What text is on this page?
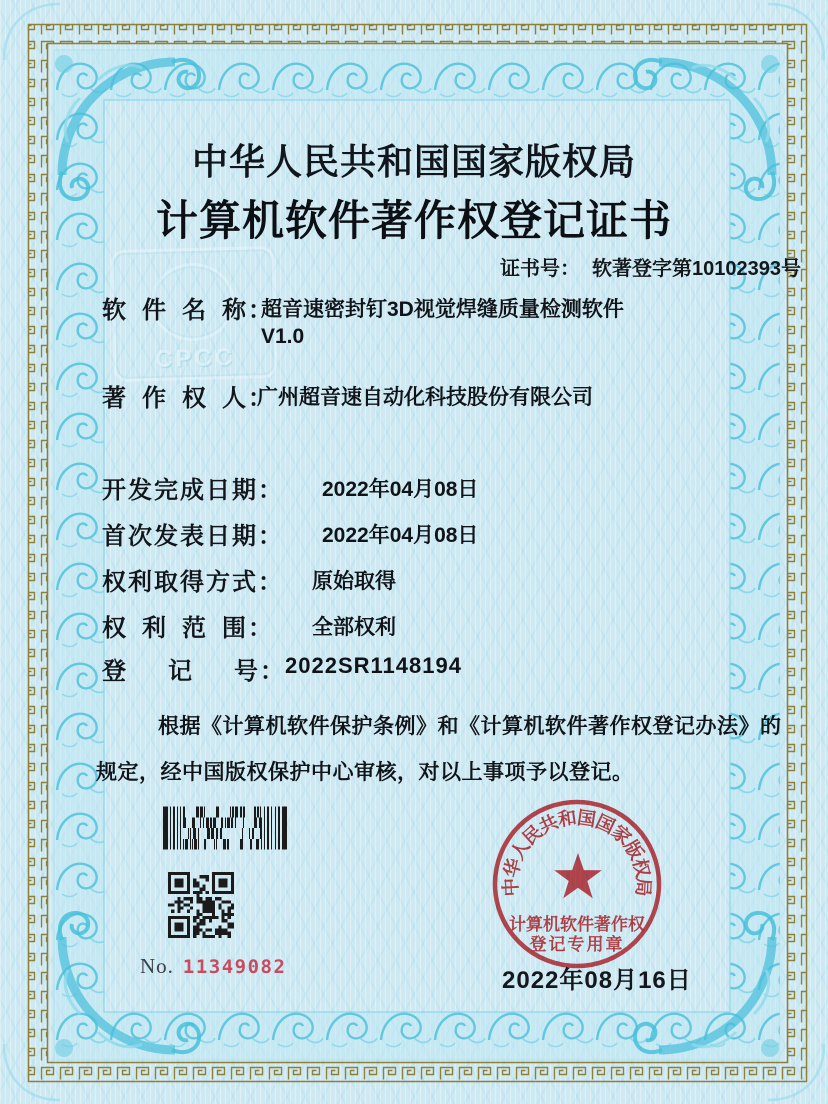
CPCC
中华人民共和国国家版权局
计算机软件著作权登记证书
证书号： 软著登字第10102393号
软 件 名 称：
超音速密封钉3D视觉焊缝质量检测软件
V1.0
著 作 权 人：
广州超音速自动化科技股份有限公司
开发完成日期： 2022年04月08日
首次发表日期： 2022年04月08日
权利取得方式： 原始取得
权 利 范 围： 全部权利
登  记  号： 2022SR1148194
根据《计算机软件保护条例》和《计算机软件著作权登记办法》的
规定，经中国版权保护中心审核，对以上事项予以登记。
No. 11349082	2022年08月16日
中华人民共和国国家版权局
计算机软件著作权
登记专用章
